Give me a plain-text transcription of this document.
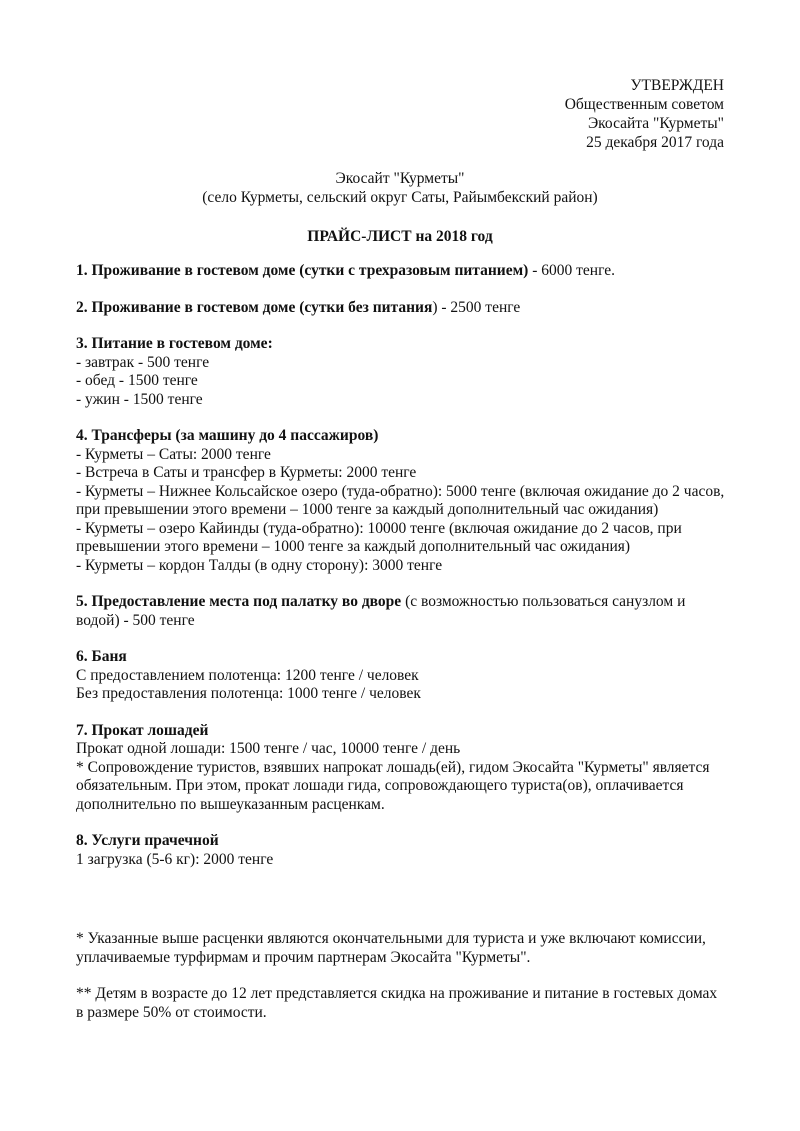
УТВЕРЖДЕН
Общественным советом
Экосайта "Курметы"
25 декабря 2017 года
Экосайт "Курметы"
(село Курметы, сельский округ Саты, Райымбекский район)
ПРАЙС-ЛИСТ на 2018 год
1. Проживание в гостевом доме (сутки с трехразовым питанием) - 6000 тенге.
2. Проживание в гостевом доме (сутки без питания) - 2500 тенге
3. Питание в гостевом доме:
- завтрак - 500 тенге
- обед - 1500 тенге
- ужин - 1500 тенге
4. Трансферы (за машину до 4 пассажиров)
- Курметы – Саты: 2000 тенге
- Встреча в Саты и трансфер в Курметы: 2000 тенге
- Курметы – Нижнее Кольсайское озеро (туда-обратно): 5000 тенге (включая ожидание до 2 часов, при превышении этого времени – 1000 тенге за каждый дополнительный час ожидания)
- Курметы – озеро Кайинды (туда-обратно): 10000 тенге (включая ожидание до 2 часов, при превышении этого времени – 1000 тенге за каждый дополнительный час ожидания)
- Курметы – кордон Талды (в одну сторону): 3000 тенге
5. Предоставление места под палатку во дворе (с возможностью пользоваться санузлом и водой) - 500 тенге
6. Баня
С предоставлением полотенца: 1200 тенге / человек
Без предоставления полотенца: 1000 тенге / человек
7. Прокат лошадей
Прокат одной лошади: 1500 тенге / час, 10000 тенге / день
* Сопровождение туристов, взявших напрокат лошадь(ей), гидом Экосайта "Курметы" является обязательным. При этом, прокат лошади гида, сопровождающего туриста(ов), оплачивается дополнительно по вышеуказанным расценкам.
8. Услуги прачечной
1 загрузка (5-6 кг): 2000 тенге
* Указанные выше расценки являются окончательными для туриста и уже включают комиссии, уплачиваемые турфирмам и прочим партнерам Экосайта "Курметы".
** Детям в возрасте до 12 лет представляется скидка на проживание и питание в гостевых домах в размере 50% от стоимости.
